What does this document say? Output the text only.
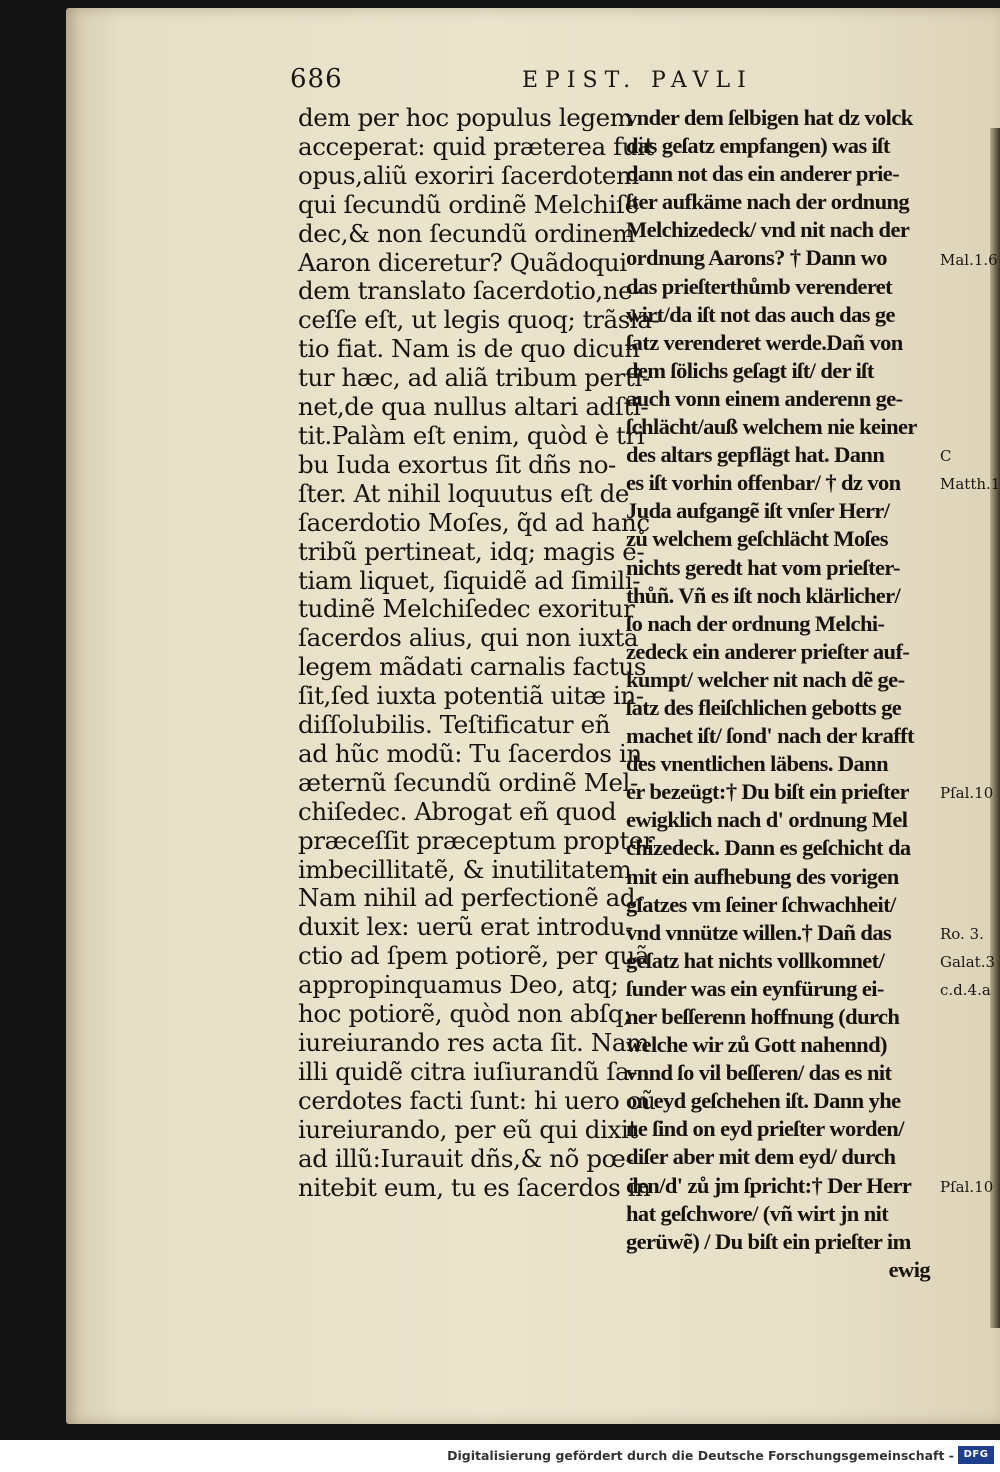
686	EPIST. PAVLI
dem per hoc populus legem
acceperat: quid præterea fuit
opus,aliũ exoriri ſacerdotem
qui ſecundũ ordinẽ Melchiſe
dec,& non ſecundũ ordinem
Aaron diceretur? Quãdoqui
dem translato ſacerdotio,ne-
ceſſe eſt, ut legis quoq; trãsla-
tio fiat. Nam is de quo dicun
tur hæc, ad aliã tribum perti-
net,de qua nullus altari adſti-
tit.Palàm eſt enim, quòd è tri
bu Iuda exortus ſit dñs no-
ſter. At nihil loquutus eſt de
ſacerdotio Moſes, q̃d ad hanc
tribũ pertineat, idq; magis e-
tiam liquet, ſiquidẽ ad ſimili-
tudinẽ Melchiſedec exoritur
ſacerdos alius, qui non iuxta
legem mãdati carnalis factus
ſit,ſed iuxta potentiã uitæ in-
diſſolubilis. Teſtificatur eñ
ad hũc modũ: Tu ſacerdos in
æternũ ſecundũ ordinẽ Mel-
chiſedec. Abrogat eñ quod
præceſſit præceptum propter
imbecillitatẽ, & inutilitatem.
Nam nihil ad perfectionẽ ad-
duxit lex: uerũ erat introdu-
ctio ad ſpem potiorẽ, per quã
appropinquamus Deo, atq;
hoc potiorẽ, quòd non abſq;
iureiurando res acta ſit. Nam
illi quidẽ citra iuſiurandũ ſa-
cerdotes facti ſunt: hi uero cũ
iureiurando, per eũ qui dixit
ad illũ:Iurauit dñs,& nõ pœ-
nitebit eum, tu es ſacerdos in
vnder dem ſelbigen hat dz volck
das geſatz empfangen) was iſt
dann not das ein anderer prie-
ſter aufkäme nach der ordnung
Melchizedeck/ vnd nit nach der
ordnung Aarons? † Dann wo
das prieſterthůmb verenderet
wirt/da iſt not das auch das ge
ſatz verenderet werde.Dañ von
dem ſölichs geſagt iſt/ der iſt
auch vonn einem anderenn ge-
ſchlächt/auß welchem nie keiner
des altars gepflägt hat. Dann
es iſt vorhin offenbar/ † dz von
Juda aufgangẽ iſt vnſer Herr/
zů welchem geſchlächt Moſes
nichts geredt hat vom prieſter-
thůñ. Vñ es iſt noch klärlicher/
ſo nach der ordnung Melchi-
zedeck ein anderer prieſter auf-
kumpt/ welcher nit nach dẽ ge-
ſatz des fleiſchlichen gebotts ge
machet iſt/ ſond' nach der krafft
des vnentlichen läbens. Dann
er bezeügt:† Du biſt ein prieſter
ewigklich nach d' ordnung Mel
chizedeck. Dann es geſchicht da
mit ein aufhebung des vorigen
gſatzes vm ſeiner ſchwachheit/
vnd vnnütze willen.† Dañ das
geſatz hat nichts vollkomnet/
ſunder was ein eynfürung ei-
ner beſſerenn hoffnung (durch
welche wir zů Gott nahennd)
vnnd ſo vil beſſeren/ das es nit
on eyd geſchehen iſt. Dann yhe
ne ſind on eyd prieſter worden/
diſer aber mit dem eyd/ durch
den/d' zů jm ſpricht:† Der Herr
hat geſchwore/ (vñ wirt jn nit
gerüwẽ) / Du biſt ein prieſter im
ewig
Mal.1.6
C
Matth.1
Pſal.10
Ro. 3.
Galat.3
c.d.4.a
Pſal.10
Digitalisierung gefördert durch die Deutsche Forschungsgemeinschaft - DFG
